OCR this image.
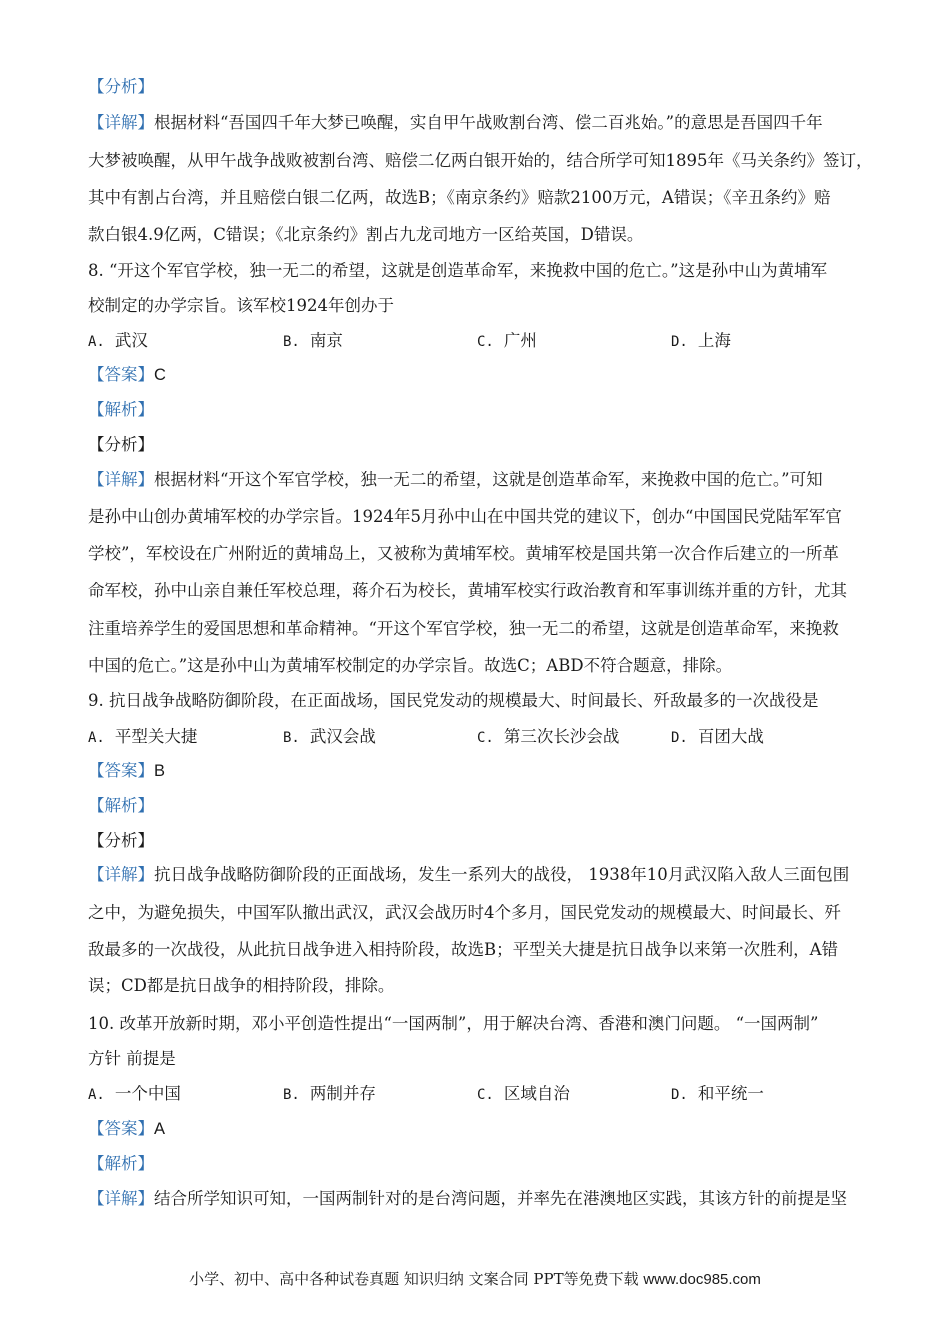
【分析】
【详解】根据材料“吾国四千年大梦已唤醒，实自甲午战败割台湾、偿二百兆始。”的意思是吾国四千年
大梦被唤醒，从甲午战争战败被割台湾、赔偿二亿两白银开始的，结合所学可知1895年《马关条约》签订，
其中有割占台湾，并且赔偿白银二亿两，故选B；《南京条约》赔款2100万元，A错误；《辛丑条约》赔
款白银4.9亿两，C错误；《北京条约》割占九龙司地方一区给英国，D错误。
8. “开这个军官学校，独一无二的希望，这就是创造革命军，来挽救中国的危亡。”这是孙中山为黄埔军
校制定的办学宗旨。该军校1924年创办于
A. 武汉	B. 南京	C. 广州	D. 上海
【答案】C
【解析】
【分析】
【详解】根据材料“开这个军官学校，独一无二的希望，这就是创造革命军，来挽救中国的危亡。”可知
是孙中山创办黄埔军校的办学宗旨。1924年5月孙中山在中国共党的建议下，创办“中国国民党陆军军官
学校”，军校设在广州附近的黄埔岛上，又被称为黄埔军校。黄埔军校是国共第一次合作后建立的一所革
命军校，孙中山亲自兼任军校总理，蒋介石为校长，黄埔军校实行政治教育和军事训练并重的方针，尤其
注重培养学生的爱国思想和革命精神。“开这个军官学校，独一无二的希望，这就是创造革命军，来挽救
中国的危亡。”这是孙中山为黄埔军校制定的办学宗旨。故选C；ABD不符合题意，排除。
9. 抗日战争战略防御阶段，在正面战场，国民党发动的规模最大、时间最长、歼敌最多的一次战役是
A. 平型关大捷	B. 武汉会战	C. 第三次长沙会战	D. 百团大战
【答案】B
【解析】
【分析】
【详解】抗日战争战略防御阶段的正面战场，发生一系列大的战役， 1938年10月武汉陷入敌人三面包围
之中，为避免损失，中国军队撤出武汉，武汉会战历时4个多月，国民党发动的规模最大、时间最长、歼
敌最多的一次战役，从此抗日战争进入相持阶段，故选B；平型关大捷是抗日战争以来第一次胜利，A错
误；CD都是抗日战争的相持阶段，排除。
10. 改革开放新时期，邓小平创造性提出“一国两制”，用于解决台湾、香港和澳门问题。 “一国两制”
方针 前提是
A. 一个中国	B. 两制并存	C. 区域自治	D. 和平统一
【答案】A
【解析】
【详解】结合所学知识可知，一国两制针对的是台湾问题，并率先在港澳地区实践，其该方针的前提是坚
小学、初中、高中各种试卷真题 知识归纳 文案合同 PPT等免费下载 www.doc985.com
